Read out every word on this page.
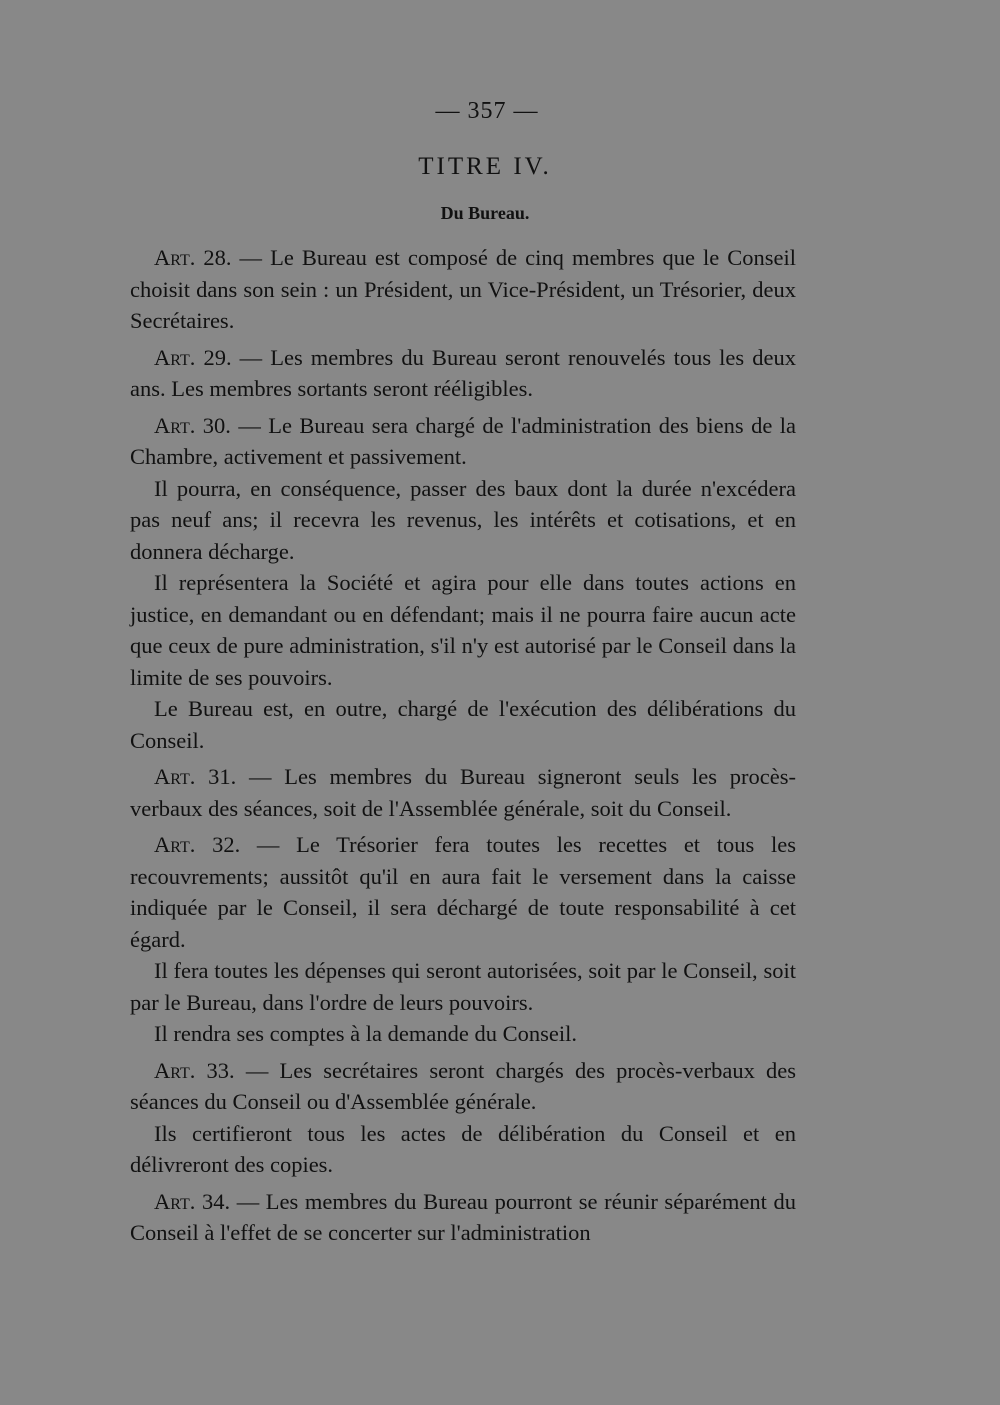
— 357 —
TITRE IV.
Du Bureau.

Art. 28. — Le Bureau est composé de cinq membres que le Conseil choisit dans son sein : un Président, un Vice-Président, un Trésorier, deux Secrétaires.

Art. 29. — Les membres du Bureau seront renouvelés tous les deux ans. Les membres sortants seront rééligibles.

Art. 30. — Le Bureau sera chargé de l'administration des biens de la Chambre, activement et passivement.

Il pourra, en conséquence, passer des baux dont la durée n'excédera pas neuf ans; il recevra les revenus, les intérêts et cotisations, et en donnera décharge.

Il représentera la Société et agira pour elle dans toutes actions en justice, en demandant ou en défendant; mais il ne pourra faire aucun acte que ceux de pure administration, s'il n'y est autorisé par le Conseil dans la limite de ses pouvoirs.

Le Bureau est, en outre, chargé de l'exécution des délibérations du Conseil.

Art. 31. — Les membres du Bureau signeront seuls les procès-verbaux des séances, soit de l'Assemblée générale, soit du Conseil.

Art. 32. — Le Trésorier fera toutes les recettes et tous les recouvrements; aussitôt qu'il en aura fait le versement dans la caisse indiquée par le Conseil, il sera déchargé de toute responsabilité à cet égard.

Il fera toutes les dépenses qui seront autorisées, soit par le Conseil, soit par le Bureau, dans l'ordre de leurs pouvoirs.

Il rendra ses comptes à la demande du Conseil.

Art. 33. — Les secrétaires seront chargés des procès-verbaux des séances du Conseil ou d'Assemblée générale.

Ils certifieront tous les actes de délibération du Conseil et en délivreront des copies.

Art. 34. — Les membres du Bureau pourront se réunir séparément du Conseil à l'effet de se concerter sur l'administration
